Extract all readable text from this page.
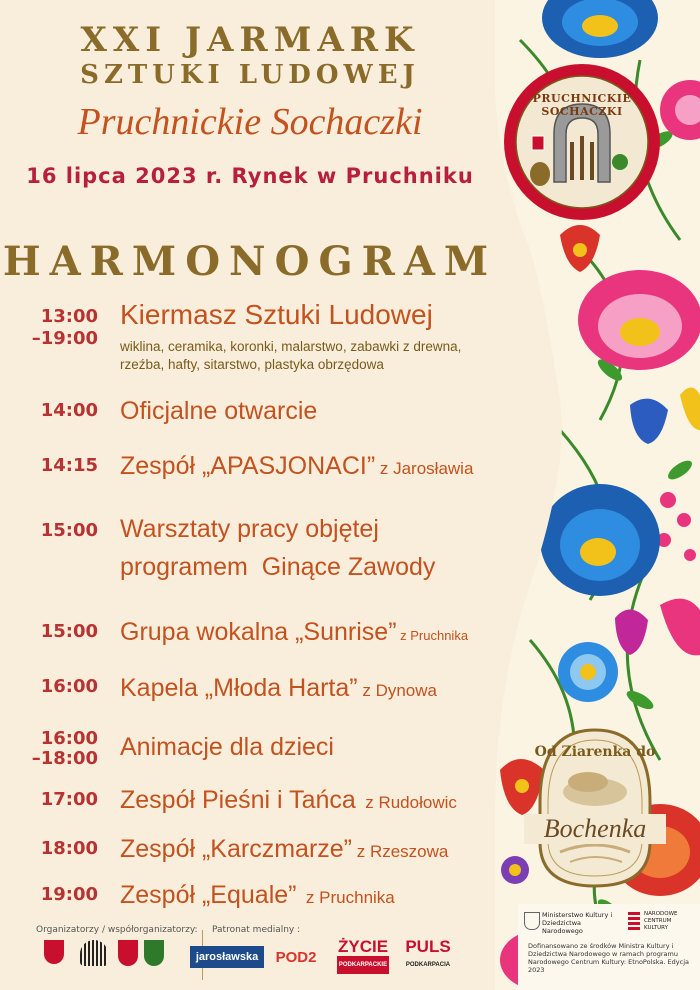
XXI JARMARK
SZTUKI LUDOWEJ
Pruchnickie Sochaczki
16 lipca 2023 r. Rynek w Pruchniku
HARMONOGRAM
PRUCHNICKIE SOCHACZKI
Od Ziarenka do
Bochenka
13:00
–19:00
Kiermasz Sztuki Ludowej
wiklina, ceramika, koronki, malarstwo, zabawki z drewna,
rzeźba, hafty, sitarstwo, plastyka obrzędowa
14:00 Oficjalne otwarcie
14:15 Zespół „APASJONACI” z Jarosławia
15:00 Warsztaty pracy objętej
programem  Ginące Zawody
15:00 Grupa wokalna „Sunrise” z Pruchnika
16:00 Kapela „Młoda Harta” z Dynowa
16:00
–18:00 Animacje dla dzieci
17:00 Zespół Pieśni i Tańca  z Rudołowic
18:00 Zespół „Karczmarze” z Rzeszowa
19:00 Zespół „Equale”  z Pruchnika
Organizatorzy / współorganizatorzy: Patronat medialny :
jarosławska POD2
ŻYCIE
PODKARPACKIE
PULS
PODKARPACIA
Ministerstwo Kultury i Dziedzictwa Narodowego
NARODOWE CENTRUM KULTURY
Dofinansowano ze środków Ministra Kultury i Dziedzictwa Narodowego w ramach programu Narodowego Centrum Kultury: EtnoPolska. Edycja 2023
